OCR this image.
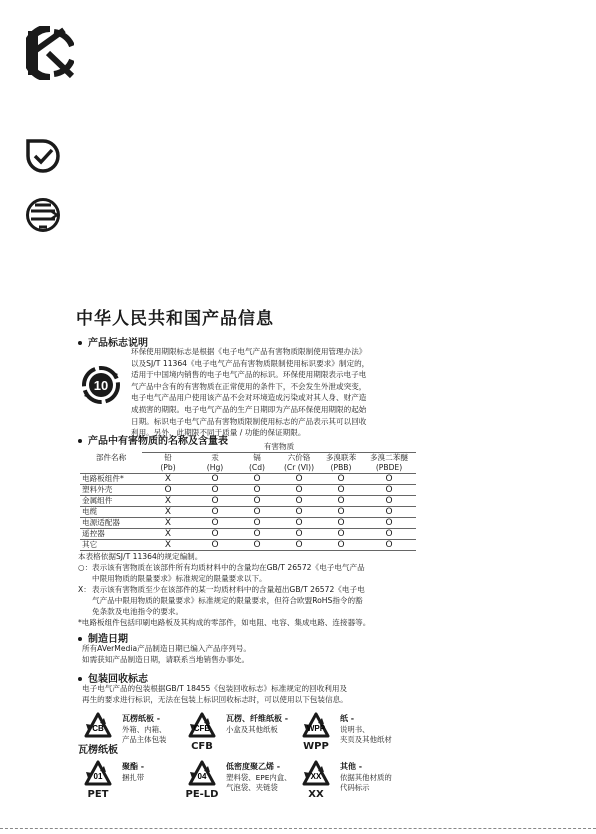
中华人民共和国产品信息
产品标志说明
10
环保使用期限标志是根据《电子电气产品有害物质限制使用管理办法》
以及SJ/T 11364《电子电气产品有害物质限制使用标识要求》制定的，
适用于中国境内销售的电子电气产品的标识。环保使用期限表示电子电
气产品中含有的有害物质在正常使用的条件下，不会发生外泄或突变，
电子电气产品用户使用该产品不会对环境造成污染或对其人身、财产造
成损害的期限。电子电气产品的生产日期即为产品环保使用期限的起始
日期。标识电子电气产品有害物质限制使用标志的产品表示其可以回收
利用。另外，此期限不同于质量 / 功能的保证期限。
产品中有害物质的名称及含量表
部件名称	有害物质					
	铅	汞	镉	六价铬	多溴联苯	多溴二苯醚
	(Pb)	(Hg)	(Cd)	(Cr (VI))	(PBB)	(PBDE)
电路板组件*	X	O	O	O	O	O
塑料外壳	O	O	O	O	O	O
金属组件	X	O	O	O	O	O
电缆	X	O	O	O	O	O
电源适配器	X	O	O	O	O	O
遥控器	X	O	O	O	O	O
其它	X	O	O	O	O	O
本表格依据SJ/T 11364的规定编制。
○： 表示该有害物质在该部件所有均质材料中的含量均在GB/T 26572《电子电气产品
中限用物质的限量要求》标准规定的限量要求以下。
X： 表示该有害物质至少在该部件的某一均质材料中的含量超出GB/T 26572《电子电
气产品中限用物质的限量要求》标准规定的限量要求，但符合欧盟RoHS指令的豁
免条款及电池指令的要求。
*电路板组件包括印刷电路板及其构成的零部件，如电阻、电容、集成电路、连接器等。
制造日期
所有AVerMedia产品制造日期已编入产品序列号。
如需获知产品制造日期，请联系当地销售办事处。
包装回收标志
电子电气产品的包装根据GB/T 18455《包装回收标志》标准规定的回收利用及
再生的要求进行标识，无法在包装上标识回收标志时，可以使用以下包装信息。
CB
瓦楞纸板
瓦楞纸板 -
外箱、内箱、
产品主体包装
CFB
CFB
瓦楞、纤维纸板 -
小盒及其他纸板	WPP
WPP
纸 -
说明书、
夹页及其他纸材
01
PET
聚酯 -
捆扎带	04
PE-LD
低密度聚乙烯 -
塑料袋、EPE内盒、
气泡袋、夹链袋
XX
XX
其他 -
依据其他材质的
代码标示
